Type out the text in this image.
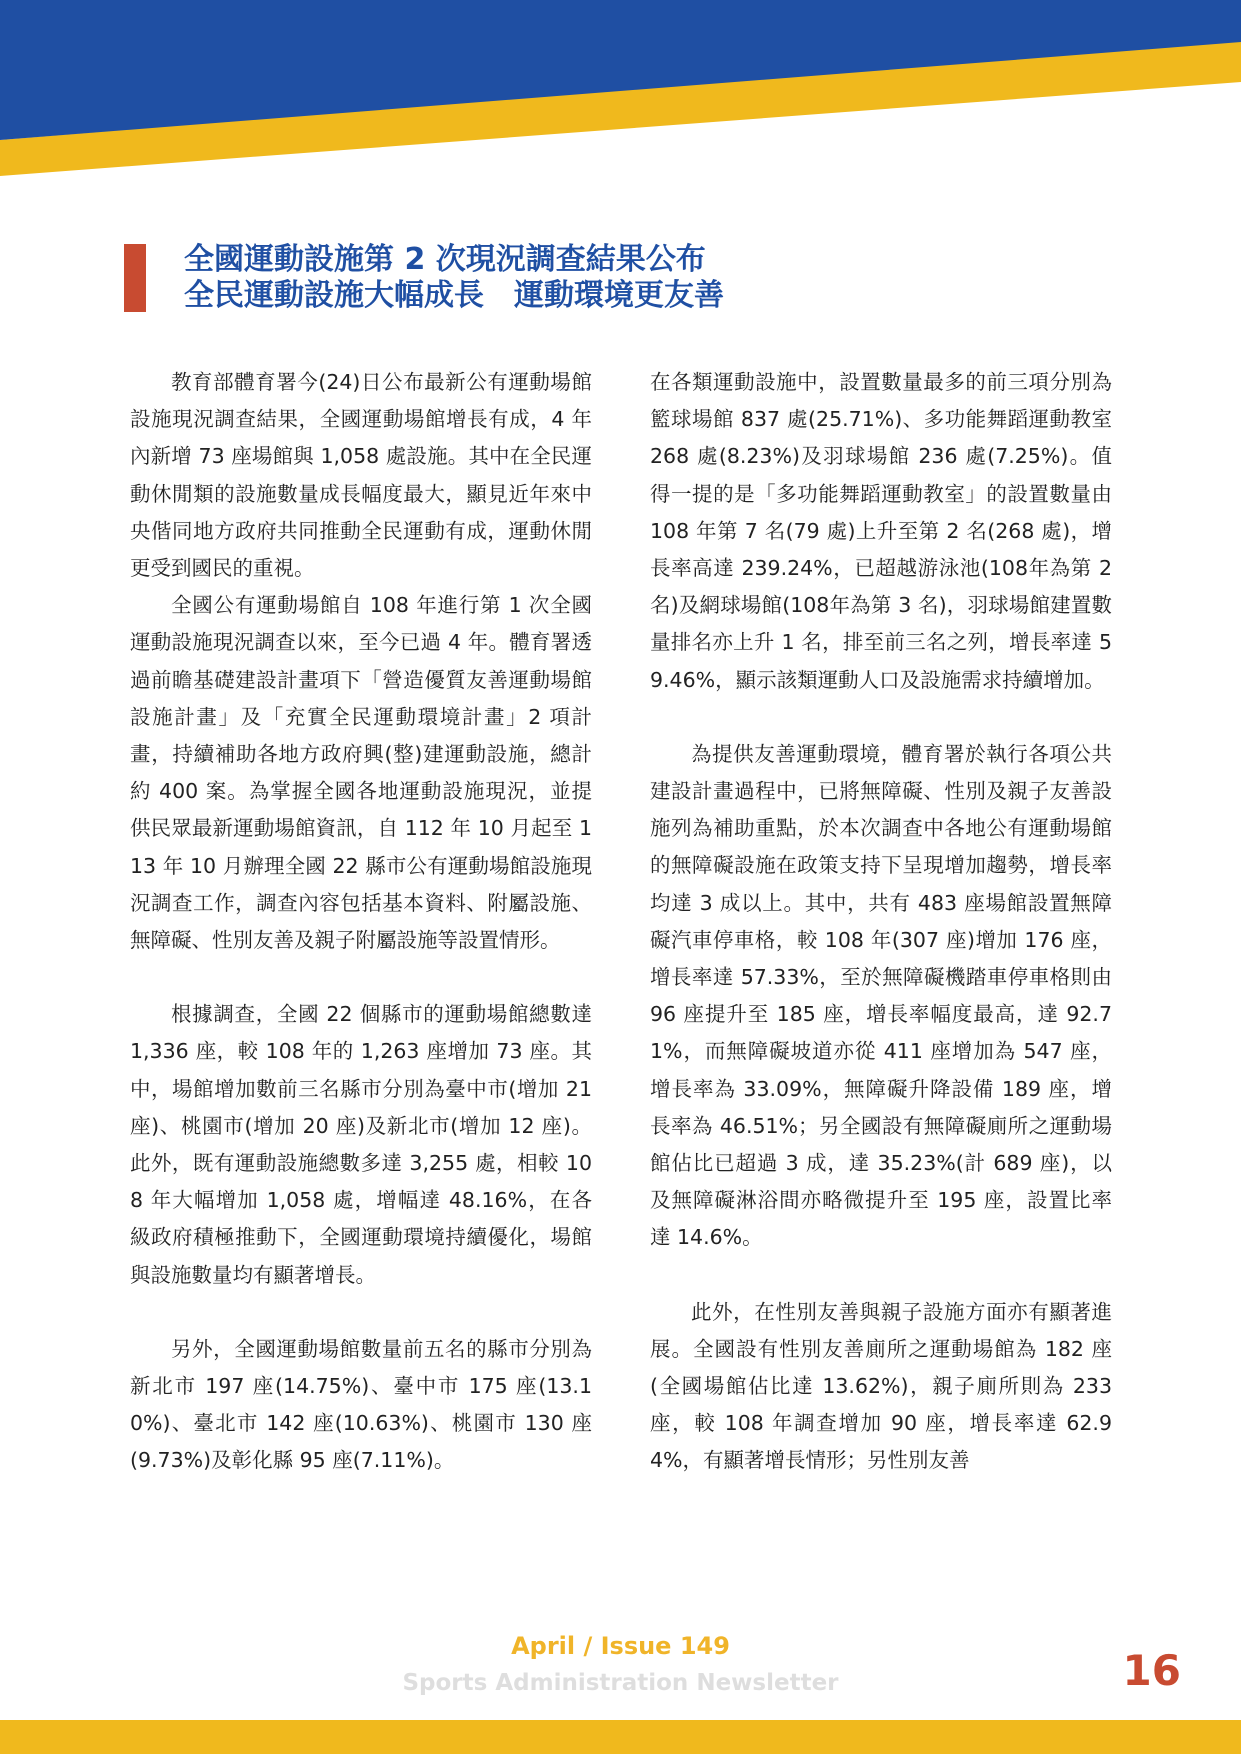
全國運動設施第 2 次現況調查結果公布
全民運動設施大幅成長　運動環境更友善

教育部體育署今(24)日公布最新公有運動場館設施現況調查結果，全國運動場館增長有成，4 年內新增 73 座場館與 1,058 處設施。其中在全民運動休閒類的設施數量成長幅度最大，顯見近年來中央偕同地方政府共同推動全民運動有成，運動休閒更受到國民的重視。

全國公有運動場館自 108 年進行第 1 次全國運動設施現況調查以來，至今已過 4 年。體育署透過前瞻基礎建設計畫項下「營造優質友善運動場館設施計畫」及「充實全民運動環境計畫」2 項計畫，持續補助各地方政府興(整)建運動設施，總計約 400 案。為掌握全國各地運動設施現況，並提供民眾最新運動場館資訊，自 112 年 10 月起至 113 年 10 月辦理全國 22 縣市公有運動場館設施現況調查工作，調查內容包括基本資料、附屬設施、無障礙、性別友善及親子附屬設施等設置情形。

根據調查，全國 22 個縣市的運動場館總數達 1,336 座，較 108 年的 1,263 座增加 73 座。其中，場館增加數前三名縣市分別為臺中市(增加 21 座)、桃園市(增加 20 座)及新北市(增加 12 座)。此外，既有運動設施總數多達 3,255 處，相較 108 年大幅增加 1,058 處，增幅達 48.16%，在各級政府積極推動下，全國運動環境持續優化，場館與設施數量均有顯著增長。

另外，全國運動場館數量前五名的縣市分別為新北市 197 座(14.75%)、臺中市 175 座(13.10%)、臺北市 142 座(10.63%)、桃園市 130 座(9.73%)及彰化縣 95 座(7.11%)。

在各類運動設施中，設置數量最多的前三項分別為籃球場館 837 處(25.71%)、多功能舞蹈運動教室 268 處(8.23%)及羽球場館 236 處(7.25%)。值得一提的是「多功能舞蹈運動教室」的設置數量由 108 年第 7 名(79 處)上升至第 2 名(268 處)，增長率高達 239.24%，已超越游泳池(108年為第 2 名)及網球場館(108年為第 3 名)，羽球場館建置數量排名亦上升 1 名，排至前三名之列，增長率達 59.46%，顯示該類運動人口及設施需求持續增加。

為提供友善運動環境，體育署於執行各項公共建設計畫過程中，已將無障礙、性別及親子友善設施列為補助重點，於本次調查中各地公有運動場館的無障礙設施在政策支持下呈現增加趨勢，增長率均達 3 成以上。其中，共有 483 座場館設置無障礙汽車停車格，較 108 年(307 座)增加 176 座，增長率達 57.33%，至於無障礙機踏車停車格則由 96 座提升至 185 座，增長率幅度最高，達 92.71%，而無障礙坡道亦從 411 座增加為 547 座，增長率為 33.09%，無障礙升降設備 189 座，增長率為 46.51%；另全國設有無障礙廁所之運動場館佔比已超過 3 成，達 35.23%(計 689 座)，以及無障礙淋浴間亦略微提升至 195 座，設置比率達 14.6%。

此外，在性別友善與親子設施方面亦有顯著進展。全國設有性別友善廁所之運動場館為 182 座(全國場館佔比達 13.62%)，親子廁所則為 233 座，較 108 年調查增加 90 座，增長率達 62.94%，有顯著增長情形；另性別友善

April / Issue 149
Sports Administration Newsletter	16
